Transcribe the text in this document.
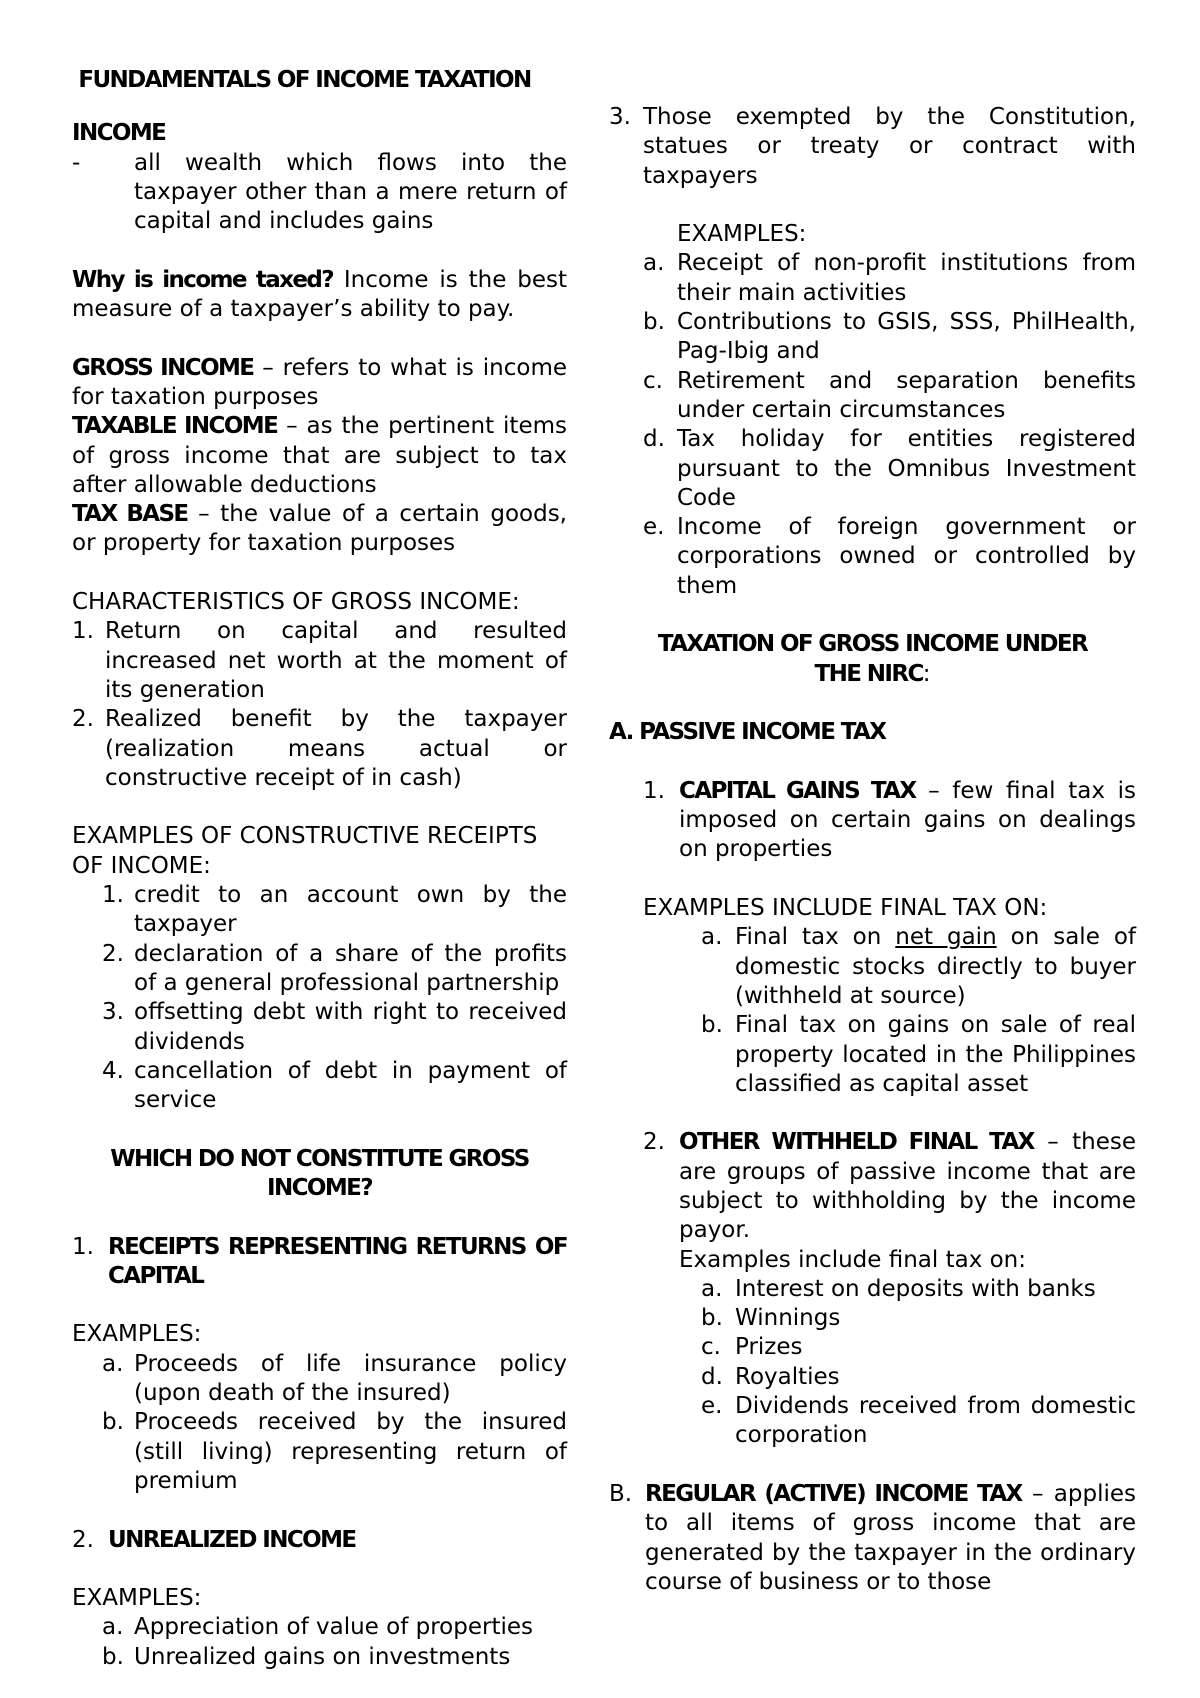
FUNDAMENTALS OF INCOME TAXATION

INCOME

- all wealth which flows into the taxpayer other than a mere return of capital and includes gains

Why is income taxed? Income is the best measure of a taxpayer’s ability to pay.

GROSS INCOME – refers to what is income for taxation purposes

TAXABLE INCOME – as the pertinent items of gross income that are subject to tax after allowable deductions

TAX BASE – the value of a certain goods, or property for taxation purposes

CHARACTERISTICS OF GROSS INCOME:

1. Return on capital and resulted increased net worth at the moment of its generation
2. Realized benefit by the taxpayer (realization means actual or constructive receipt of in cash)

EXAMPLES OF CONSTRUCTIVE RECEIPTS OF INCOME:

1. credit to an account own by the taxpayer
2. declaration of a share of the profits of a general professional partnership
3. offsetting debt with right to received dividends
4. cancellation of debt in payment of service

WHICH DO NOT CONSTITUTE GROSS INCOME?

1. RECEIPTS REPRESENTING RETURNS OF CAPITAL

EXAMPLES:

a. Proceeds of life insurance policy (upon death of the insured)
b. Proceeds received by the insured (still living) representing return of premium
2. UNREALIZED INCOME

EXAMPLES:

a. Appreciation of value of properties
b. Unrealized gains on investments
3. Those exempted by the Constitution, statues or treaty or contract with taxpayers

EXAMPLES:

a. Receipt of non-profit institutions from their main activities
b. Contributions to GSIS, SSS, PhilHealth, Pag-Ibig and
c. Retirement and separation benefits under certain circumstances
d. Tax holiday for entities registered pursuant to the Omnibus Investment Code
e. Income of foreign government or corporations owned or controlled by them

TAXATION OF GROSS INCOME UNDER THE NIRC:

A. PASSIVE INCOME TAX

1. CAPITAL GAINS TAX – few final tax is imposed on certain gains on dealings on properties

EXAMPLES INCLUDE FINAL TAX ON:

a. Final tax on net gain on sale of domestic stocks directly to buyer (withheld at source)
b. Final tax on gains on sale of real property located in the Philippines classified as capital asset
2. OTHER WITHHELD FINAL TAX – these are groups of passive income that are subject to withholding by the income payor.

Examples include final tax on:

a. Interest on deposits with banks
b. Winnings
c. Prizes
d. Royalties
e. Dividends received from domestic corporation
B. REGULAR (ACTIVE) INCOME TAX – applies to all items of gross income that are generated by the taxpayer in the ordinary course of business or to those
